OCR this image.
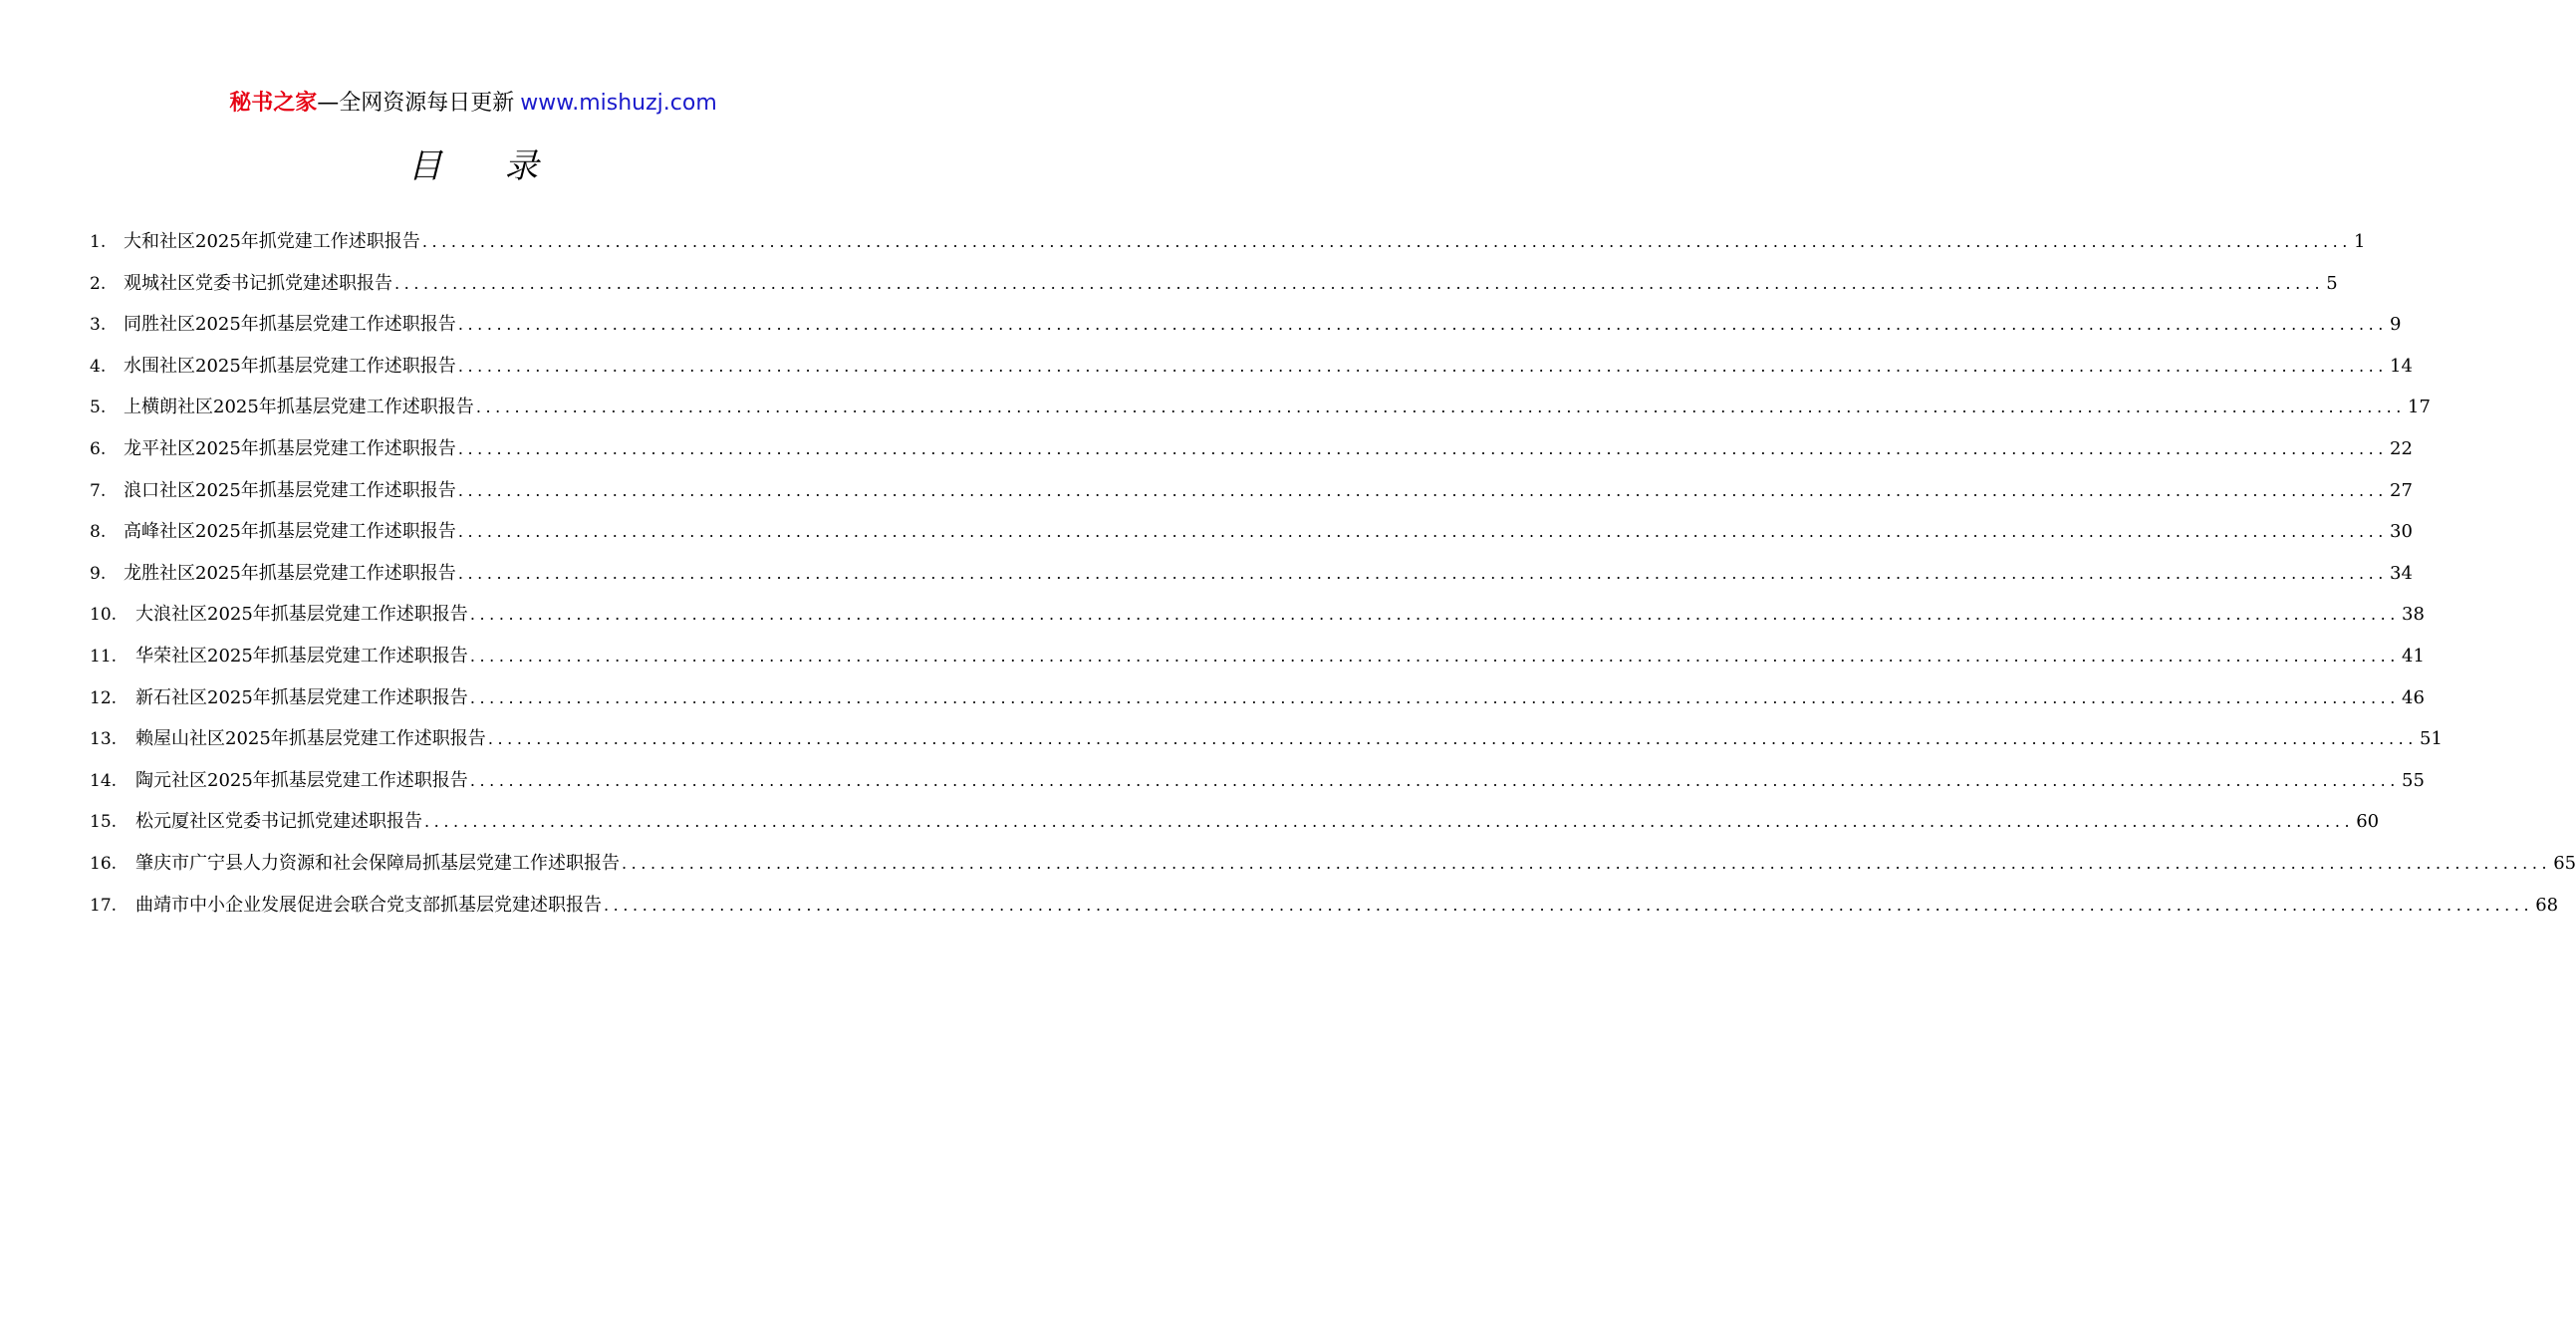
秘书之家—全网资源每日更新 www.mishuzj.com
目 录
1. 大和社区2025年抓党建工作述职报告 ........................................................................................................................................................................................................ 1
2. 观城社区党委书记抓党建述职报告 ........................................................................................................................................................................................................ 5
3. 同胜社区2025年抓基层党建工作述职报告 ........................................................................................................................................................................................................ 9
4. 水围社区2025年抓基层党建工作述职报告 ........................................................................................................................................................................................................ 14
5. 上横朗社区2025年抓基层党建工作述职报告 ........................................................................................................................................................................................................ 17
6. 龙平社区2025年抓基层党建工作述职报告 ........................................................................................................................................................................................................ 22
7. 浪口社区2025年抓基层党建工作述职报告 ........................................................................................................................................................................................................ 27
8. 高峰社区2025年抓基层党建工作述职报告 ........................................................................................................................................................................................................ 30
9. 龙胜社区2025年抓基层党建工作述职报告 ........................................................................................................................................................................................................ 34
10.	大浪社区2025年抓基层党建工作述职报告 ........................................................................................................................................................................................................ 38
11.	华荣社区2025年抓基层党建工作述职报告 ........................................................................................................................................................................................................ 41
12.	新石社区2025年抓基层党建工作述职报告 ........................................................................................................................................................................................................ 46
13.	赖屋山社区2025年抓基层党建工作述职报告 ........................................................................................................................................................................................................ 51
14.	陶元社区2025年抓基层党建工作述职报告 ........................................................................................................................................................................................................ 55
15.	松元厦社区党委书记抓党建述职报告 ........................................................................................................................................................................................................ 60
16.	肇庆市广宁县人力资源和社会保障局抓基层党建工作述职报告 ........................................................................................................................................................................................................ 65
17.	曲靖市中小企业发展促进会联合党支部抓基层党建述职报告 ........................................................................................................................................................................................................ 68
